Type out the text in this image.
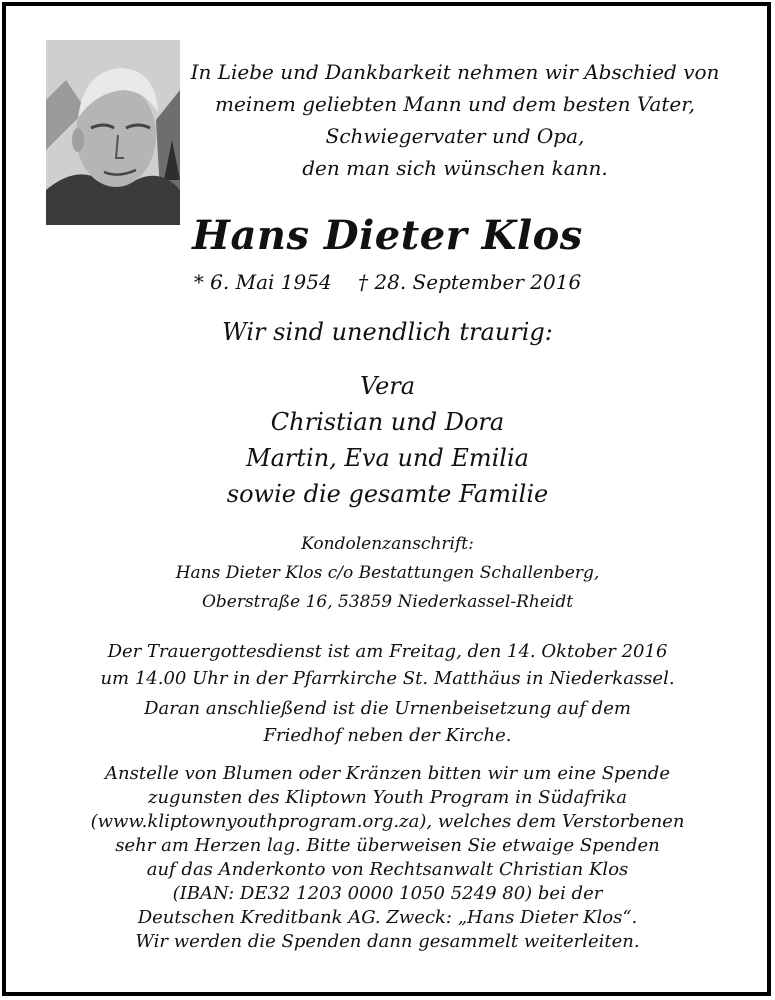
In Liebe und Dankbarkeit nehmen wir Abschied von
meinem geliebten Mann und dem besten Vater,
Schwiegervater und Opa,
den man sich wünschen kann.
Hans Dieter Klos
* 6. Mai 1954 † 28. September 2016
Wir sind unendlich traurig:
Vera
Christian und Dora
Martin, Eva und Emilia
sowie die gesamte Familie
Kondolenzanschrift:
Hans Dieter Klos c/o Bestattungen Schallenberg,
Oberstraße 16, 53859 Niederkassel-Rheidt
Der Trauergottesdienst ist am Freitag, den 14. Oktober 2016
um 14.00 Uhr in der Pfarrkirche St. Matthäus in Niederkassel.
Daran anschließend ist die Urnenbeisetzung auf dem
Friedhof neben der Kirche.
Anstelle von Blumen oder Kränzen bitten wir um eine Spende
zugunsten des Kliptown Youth Program in Südafrika
(www.kliptownyouthprogram.org.za), welches dem Verstorbenen
sehr am Herzen lag. Bitte überweisen Sie etwaige Spenden
auf das Anderkonto von Rechtsanwalt Christian Klos
(IBAN: DE32 1203 0000 1050 5249 80) bei der
Deutschen Kreditbank AG. Zweck: „Hans Dieter Klos“.
Wir werden die Spenden dann gesammelt weiterleiten.
